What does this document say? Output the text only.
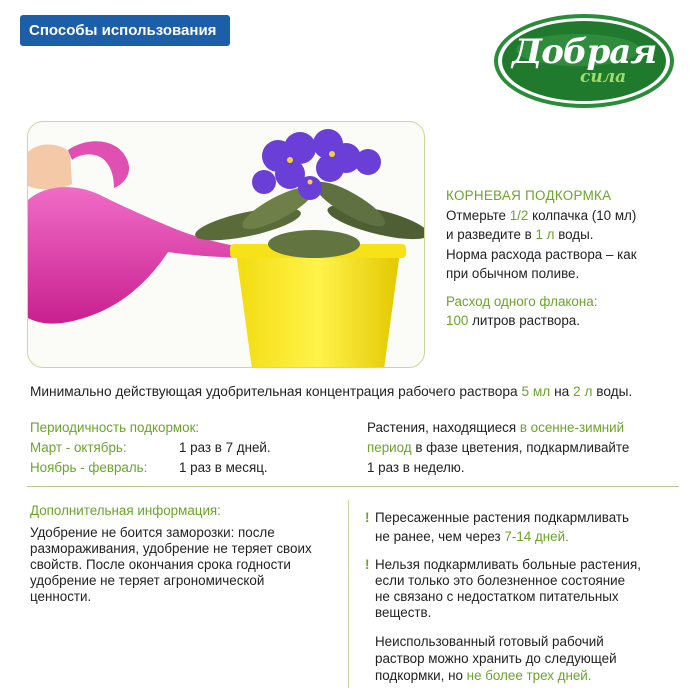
Способы использования
Добрая
сила
КОРНЕВАЯ ПОДКОРМКА
Отмерьте 1/2 колпачка (10 мл)
и разведите в 1 л воды.
Норма расхода раствора – как
при обычном поливе.
Расход одного флакона:
100 литров раствора.
Минимально действующая удобрительная концентрация рабочего раствора 5 мл на 2 л воды.
Периодичность подкормок:
Март - октябрь:	1 раз в 7 дней.
Ноябрь - февраль:	1 раз в месяц.
Растения, находящиеся в осенне-зимний
период в фазе цветения, подкармливайте
1 раз в неделю.
Дополнительная информация:
Удобрение не боится заморозки: после
размораживания, удобрение не теряет своих
свойств. После окончания срока годности
удобрение не теряет агрономической
ценности.
! Пересаженные растения подкармливать
не ранее, чем через 7-14 дней.
! Нельзя подкармливать больные растения,
если только это болезненное состояние
не связано с недостатком питательных
веществ.
Неиспользованный готовый рабочий
раствор можно хранить до следующей
подкормки, но не более трех дней.
